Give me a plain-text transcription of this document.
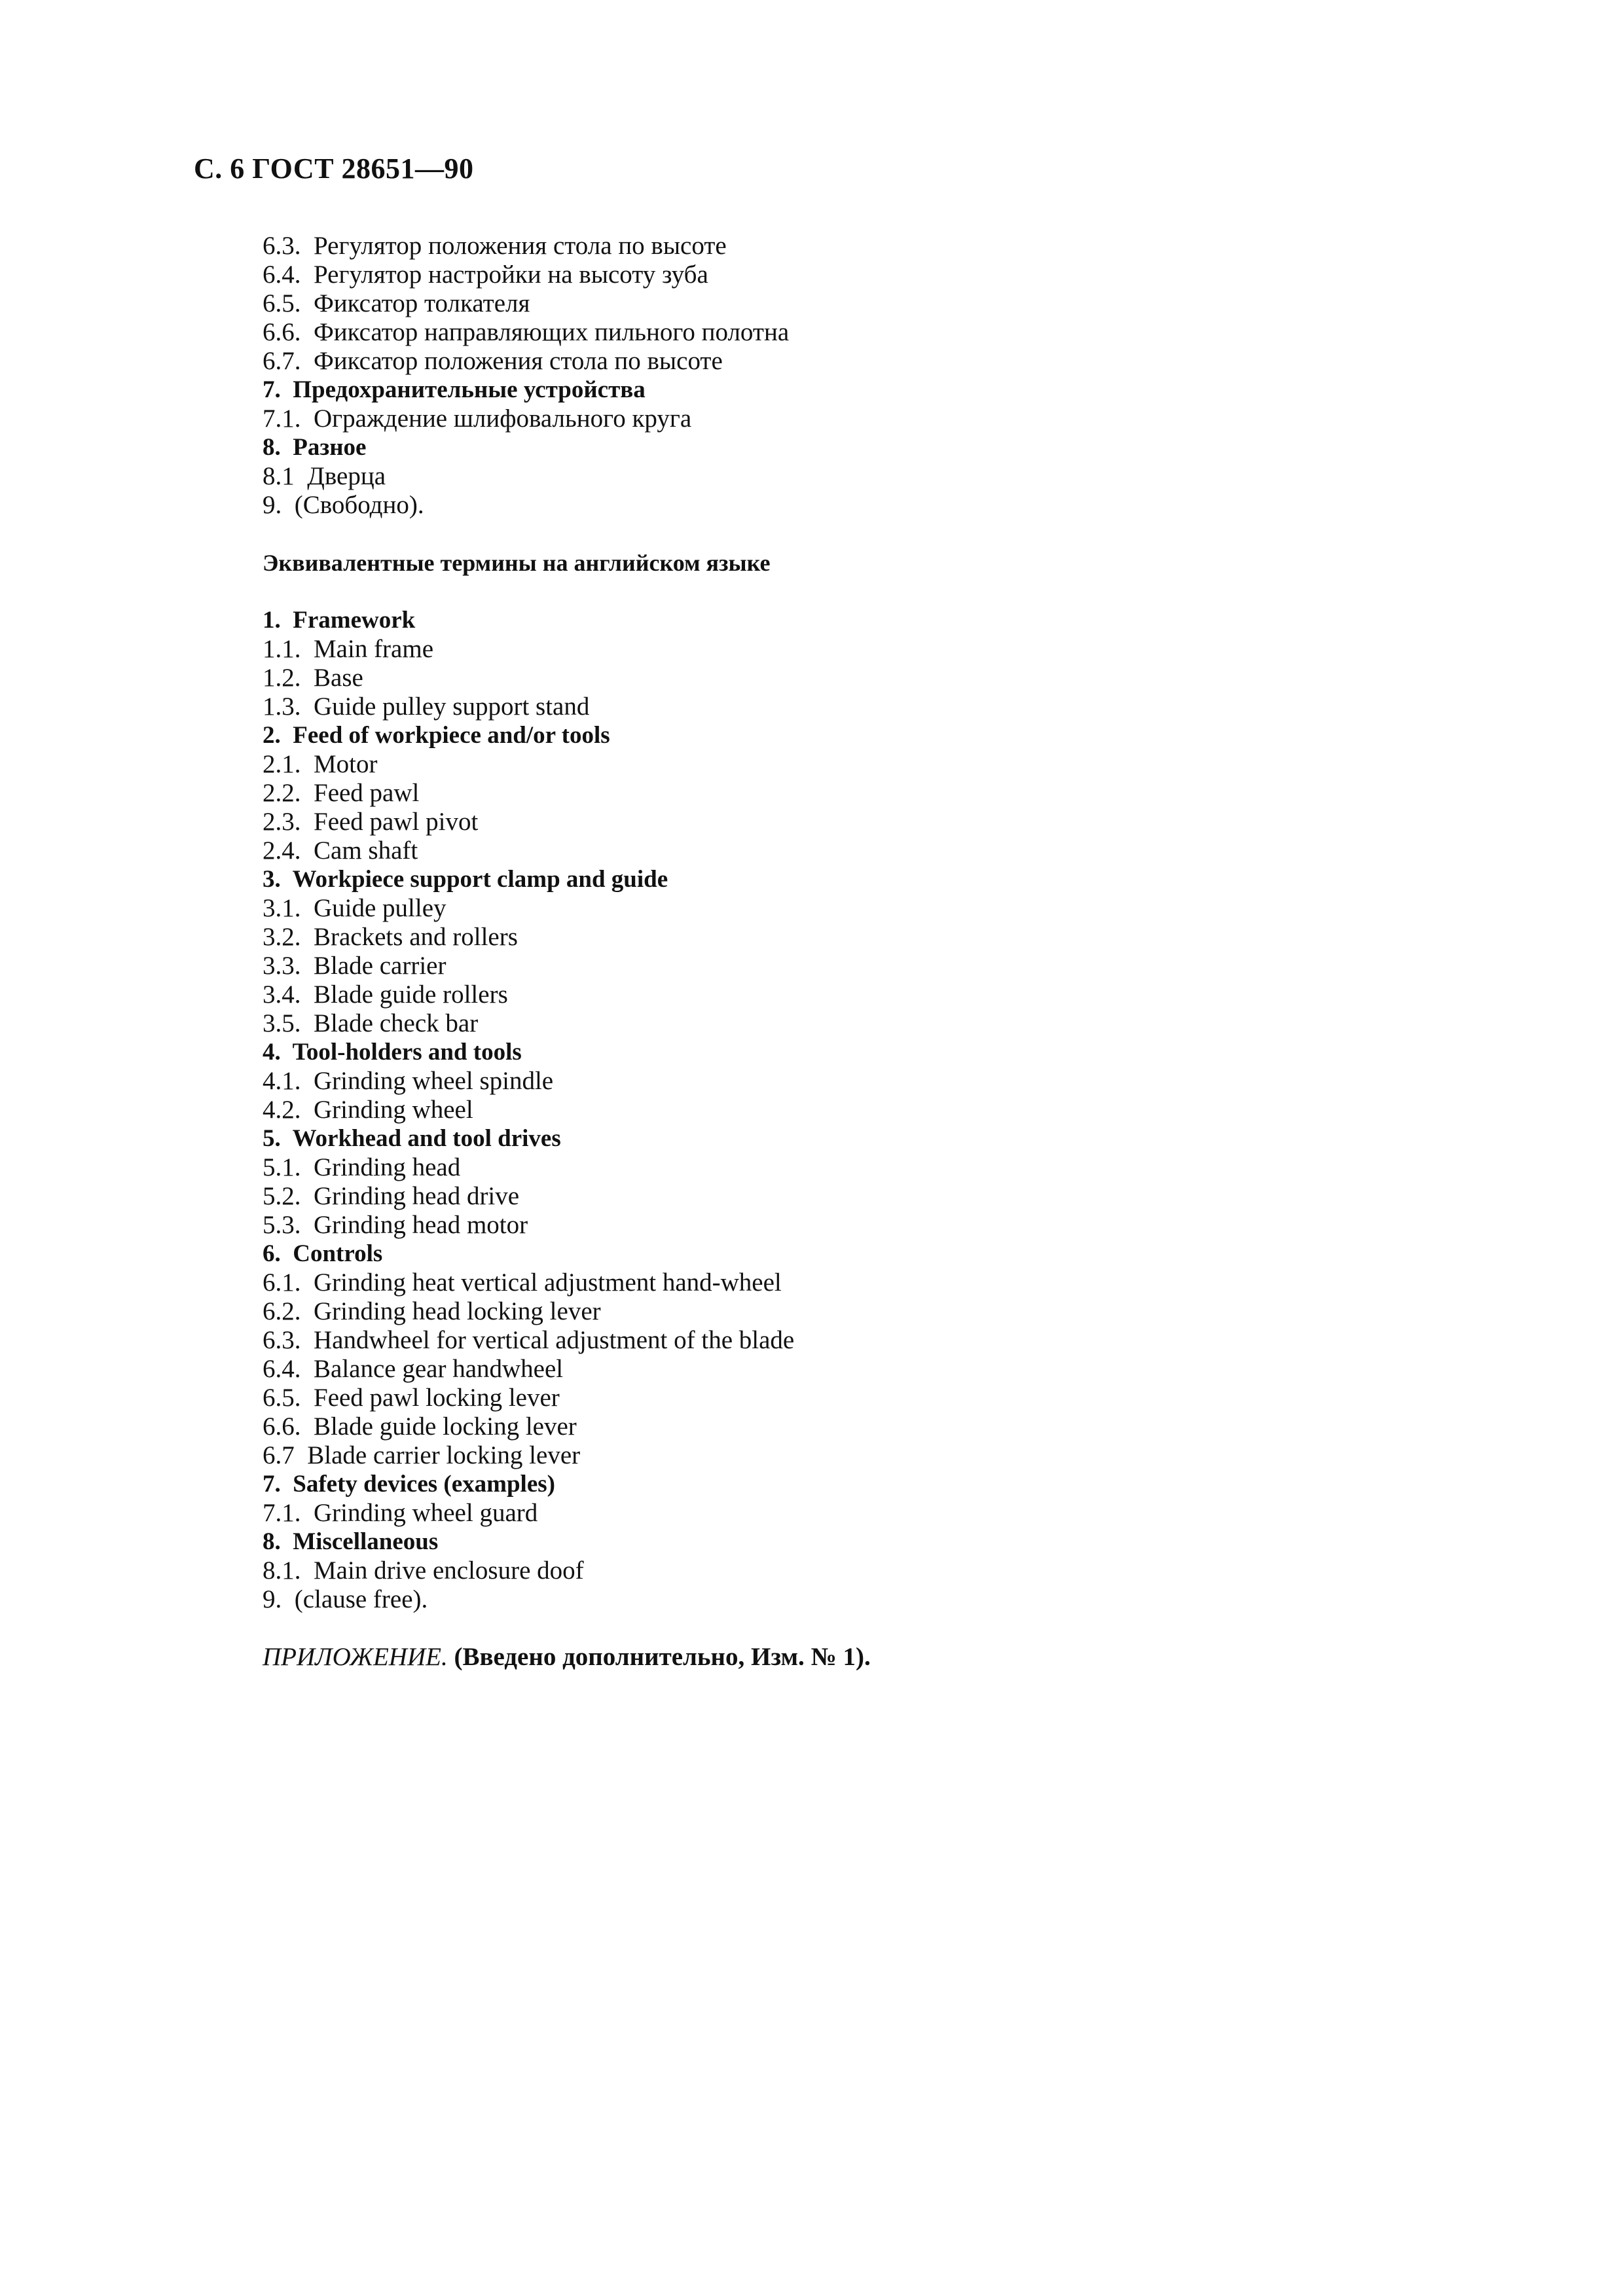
С. 6 ГОСТ 28651—90
6.3.  Регулятор положения стола по высоте
6.4.  Регулятор настройки на высоту зуба
6.5.  Фиксатор толкателя
6.6.  Фиксатор направляющих пильного полотна
6.7.  Фиксатор положения стола по высоте
7.  Предохранительные устройства
7.1.  Ограждение шлифовального круга
8.  Разное
8.1  Дверца
9.  (Свободно).
Эквивалентные термины на английском языке
1.  Framework
1.1.  Main frame
1.2.  Base
1.3.  Guide pulley support stand
2.  Feed of workpiece and/or tools
2.1.  Motor
2.2.  Feed pawl
2.3.  Feed pawl pivot
2.4.  Cam shaft
3.  Workpiece support clamp and guide
3.1.  Guide pulley
3.2.  Brackets and rollers
3.3.  Blade carrier
3.4.  Blade guide rollers
3.5.  Blade check bar
4.  Tool-holders and tools
4.1.  Grinding wheel spindle
4.2.  Grinding wheel
5.  Workhead and tool drives
5.1.  Grinding head
5.2.  Grinding head drive
5.3.  Grinding head motor
6.  Controls
6.1.  Grinding heat vertical adjustment hand-wheel
6.2.  Grinding head locking lever
6.3.  Handwheel for vertical adjustment of the blade
6.4.  Balance gear handwheel
6.5.  Feed pawl locking lever
6.6.  Blade guide locking lever
6.7  Blade carrier locking lever
7.  Safety devices (examples)
7.1.  Grinding wheel guard
8.  Miscellaneous
8.1.  Main drive enclosure doof
9.  (clause free).
ПРИЛОЖЕНИЕ. (Введено дополнительно, Изм. № 1).
